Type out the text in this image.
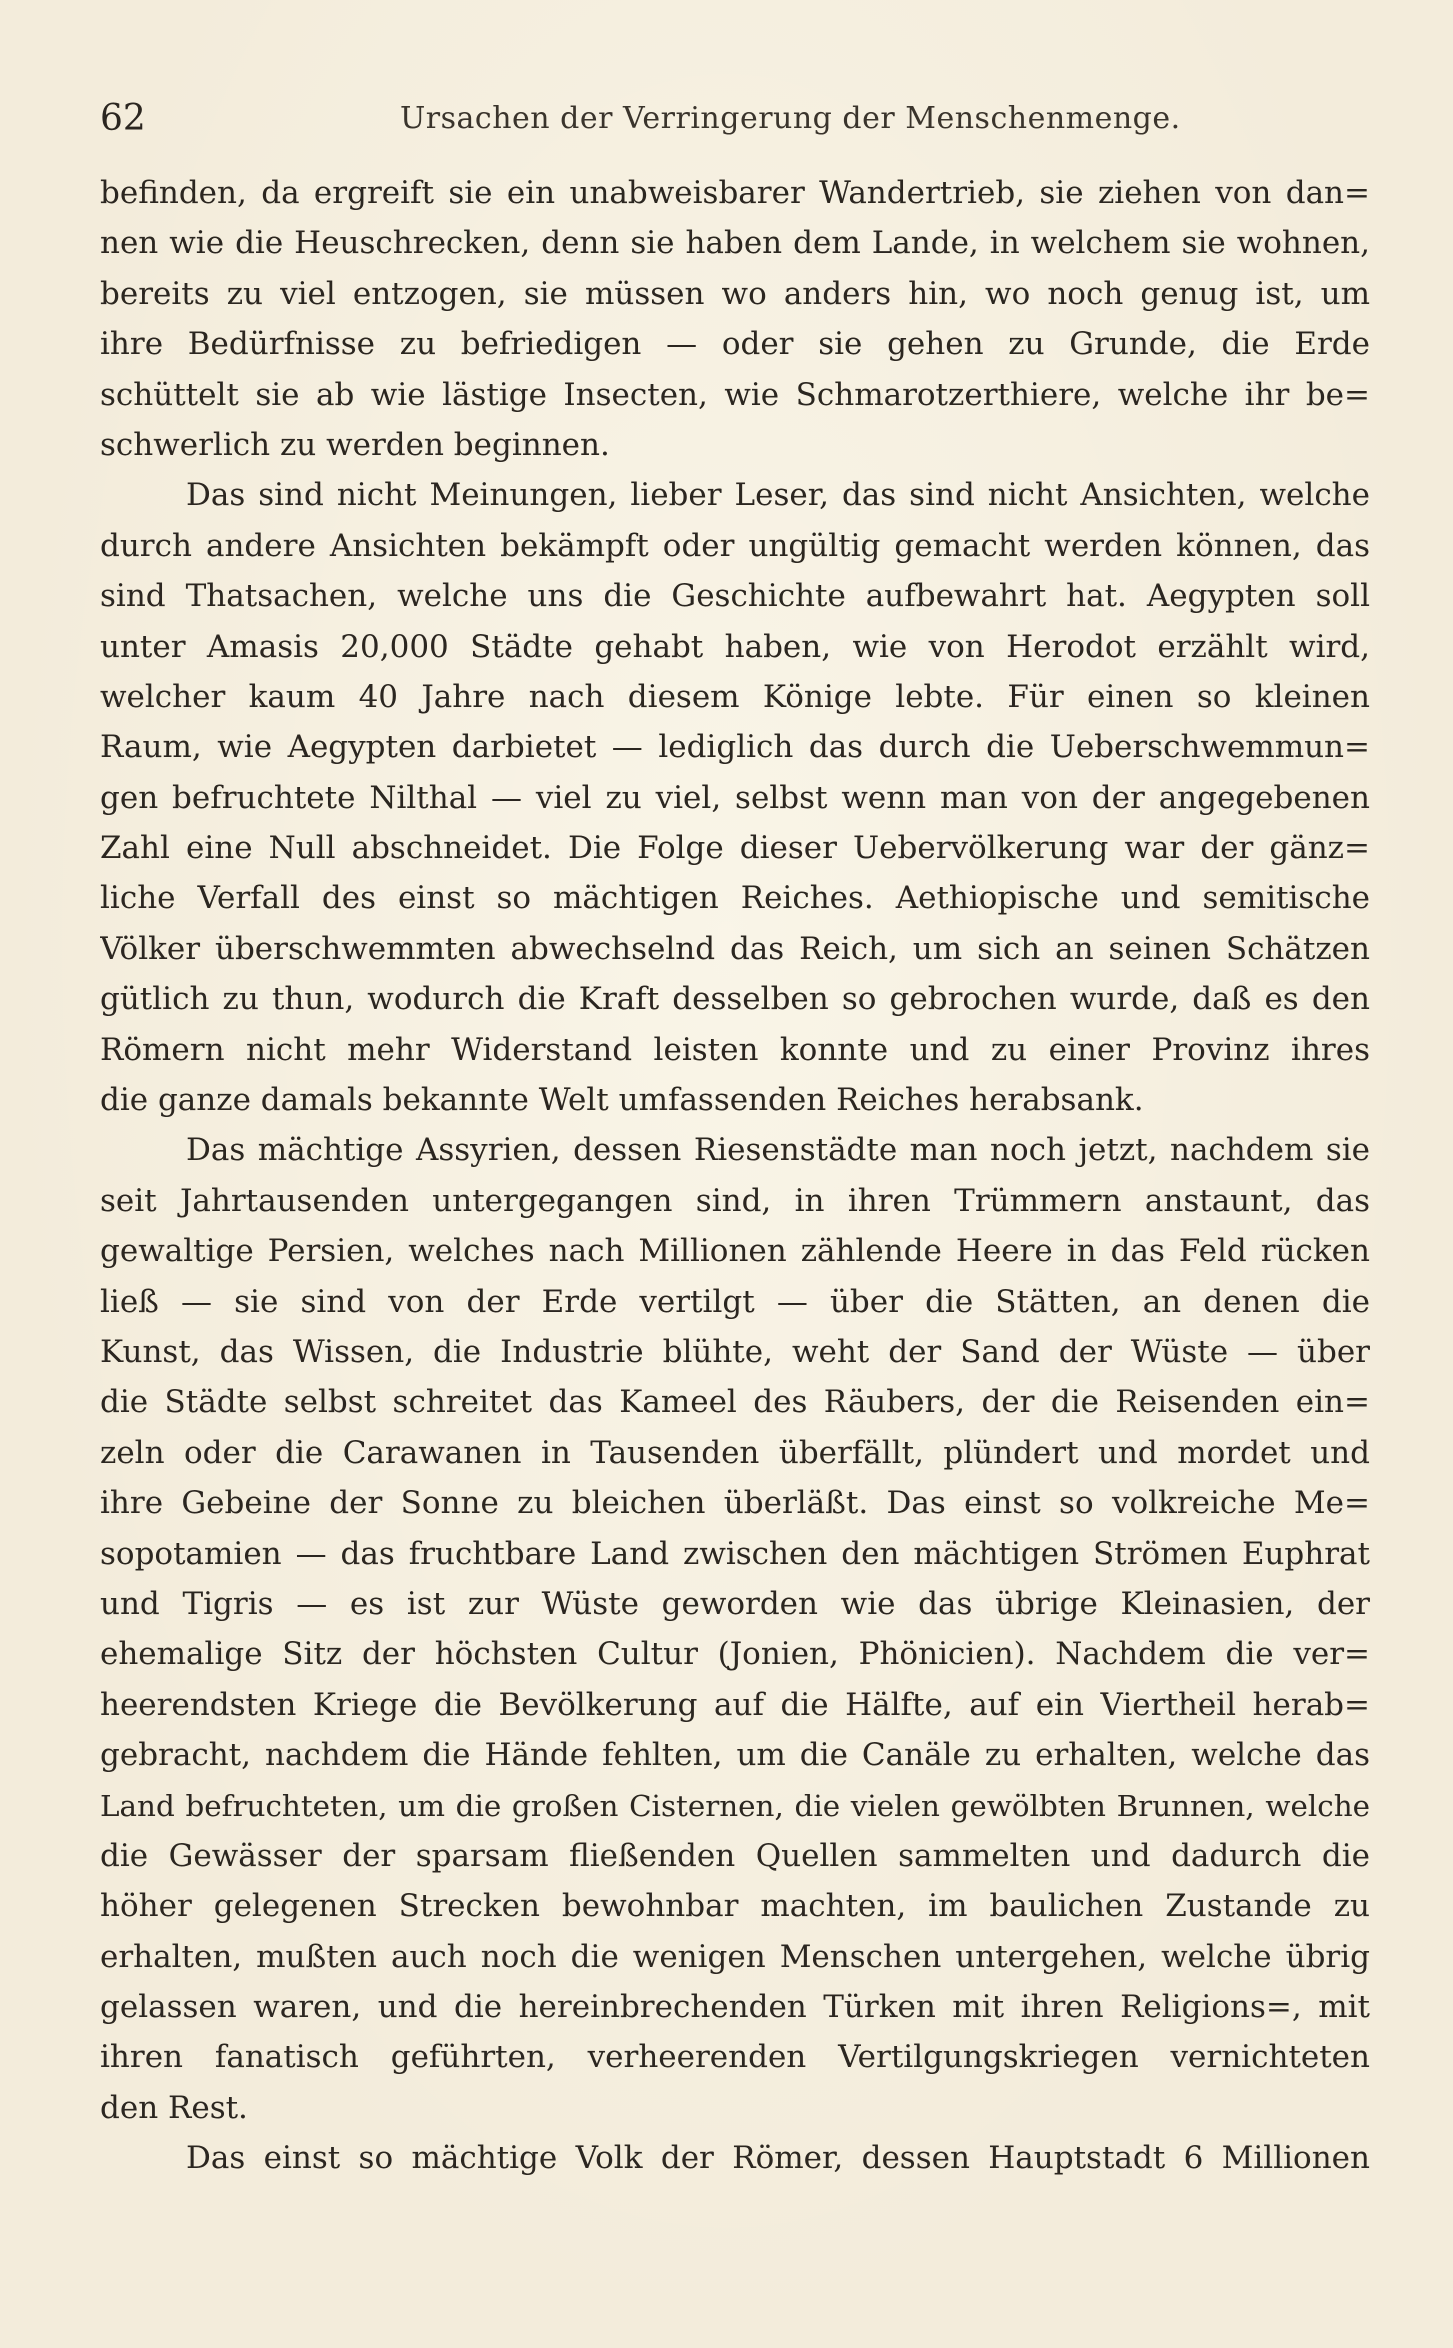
62	Ursachen der Verringerung der Menschenmenge.
befinden, da ergreift sie ein unabweisbarer Wandertrieb, sie ziehen von dan=
nen wie die Heuschrecken, denn sie haben dem Lande, in welchem sie wohnen,
bereits zu viel entzogen, sie müssen wo anders hin, wo noch genug ist, um
ihre Bedürfnisse zu befriedigen — oder sie gehen zu Grunde, die Erde
schüttelt sie ab wie lästige Insecten, wie Schmarotzerthiere, welche ihr be=
schwerlich zu werden beginnen.
Das sind nicht Meinungen, lieber Leser, das sind nicht Ansichten, welche
durch andere Ansichten bekämpft oder ungültig gemacht werden können, das
sind Thatsachen, welche uns die Geschichte aufbewahrt hat. Aegypten soll
unter Amasis 20,000 Städte gehabt haben, wie von Herodot erzählt wird,
welcher kaum 40 Jahre nach diesem Könige lebte. Für einen so kleinen
Raum, wie Aegypten darbietet — lediglich das durch die Ueberschwemmun=
gen befruchtete Nilthal — viel zu viel, selbst wenn man von der angegebenen
Zahl eine Null abschneidet. Die Folge dieser Uebervölkerung war der gänz=
liche Verfall des einst so mächtigen Reiches. Aethiopische und semitische
Völker überschwemmten abwechselnd das Reich, um sich an seinen Schätzen
gütlich zu thun, wodurch die Kraft desselben so gebrochen wurde, daß es den
Römern nicht mehr Widerstand leisten konnte und zu einer Provinz ihres
die ganze damals bekannte Welt umfassenden Reiches herabsank.
Das mächtige Assyrien, dessen Riesenstädte man noch jetzt, nachdem sie
seit Jahrtausenden untergegangen sind, in ihren Trümmern anstaunt, das
gewaltige Persien, welches nach Millionen zählende Heere in das Feld rücken
ließ — sie sind von der Erde vertilgt — über die Stätten, an denen die
Kunst, das Wissen, die Industrie blühte, weht der Sand der Wüste — über
die Städte selbst schreitet das Kameel des Räubers, der die Reisenden ein=
zeln oder die Carawanen in Tausenden überfällt, plündert und mordet und
ihre Gebeine der Sonne zu bleichen überläßt. Das einst so volkreiche Me=
sopotamien — das fruchtbare Land zwischen den mächtigen Strömen Euphrat
und Tigris — es ist zur Wüste geworden wie das übrige Kleinasien, der
ehemalige Sitz der höchsten Cultur (Jonien, Phönicien). Nachdem die ver=
heerendsten Kriege die Bevölkerung auf die Hälfte, auf ein Viertheil herab=
gebracht, nachdem die Hände fehlten, um die Canäle zu erhalten, welche das
Land befruchteten, um die großen Cisternen, die vielen gewölbten Brunnen, welche
die Gewässer der sparsam fließenden Quellen sammelten und dadurch die
höher gelegenen Strecken bewohnbar machten, im baulichen Zustande zu
erhalten, mußten auch noch die wenigen Menschen untergehen, welche übrig
gelassen waren, und die hereinbrechenden Türken mit ihren Religions=, mit
ihren fanatisch geführten, verheerenden Vertilgungskriegen vernichteten
den Rest.
Das einst so mächtige Volk der Römer, dessen Hauptstadt 6 Millionen
